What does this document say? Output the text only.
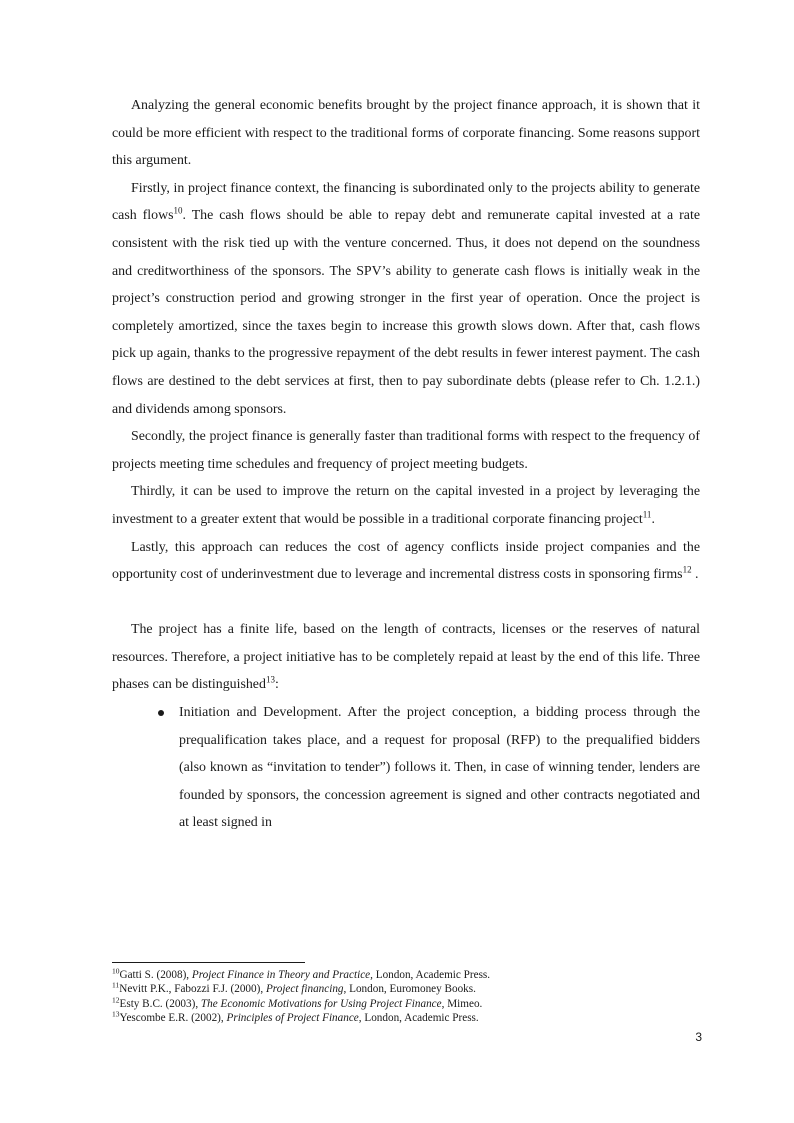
Analyzing the general economic benefits brought by the project finance approach, it is shown that it could be more efficient with respect to the traditional forms of corporate financing. Some reasons support this argument.

Firstly, in project finance context, the financing is subordinated only to the projects ability to generate cash flows$^{10}$. The cash flows should be able to repay debt and remunerate capital invested at a rate consistent with the risk tied up with the venture concerned. Thus, it does not depend on the soundness and creditworthiness of the sponsors. The SPV’s ability to generate cash flows is initially weak in the project’s construction period and growing stronger in the first year of operation. Once the project is completely amortized, since the taxes begin to increase this growth slows down. After that, cash flows pick up again, thanks to the progressive repayment of the debt results in fewer interest payment. The cash flows are destined to the debt services at first, then to pay subordinate debts (please refer to Ch. 1.2.1.) and dividends among sponsors.

Secondly, the project finance is generally faster than traditional forms with respect to the frequency of projects meeting time schedules and frequency of project meeting budgets.

Thirdly, it can be used to improve the return on the capital invested in a project by leveraging the investment to a greater extent that would be possible in a traditional corporate financing project$^{11}$.

Lastly, this approach can reduces the cost of agency conflicts inside project companies and the opportunity cost of underinvestment due to leverage and incremental distress costs in sponsoring firms$^{12}$ .

The project has a finite life, based on the length of contracts, licenses or the reserves of natural resources. Therefore, a project initiative has to be completely repaid at least by the end of this life. Three phases can be distinguished$^{13}$:

Initiation and Development. After the project conception, a bidding process through the prequalification takes place, and a request for proposal (RFP) to the prequalified bidders (also known as “invitation to tender”) follows it. Then, in case of winning tender, lenders are founded by sponsors, the concession agreement is signed and other contracts negotiated and at least signed in
$^{10}$Gatti S. (2008), Project Finance in Theory and Practice, London, Academic Press.
$^{11}$Nevitt P.K., Fabozzi F.J. (2000), Project financing, London, Euromoney Books.
$^{12}$Esty B.C. (2003), The Economic Motivations for Using Project Finance, Mimeo.
$^{13}$Yescombe E.R. (2002), Principles of Project Finance, London, Academic Press.
3
